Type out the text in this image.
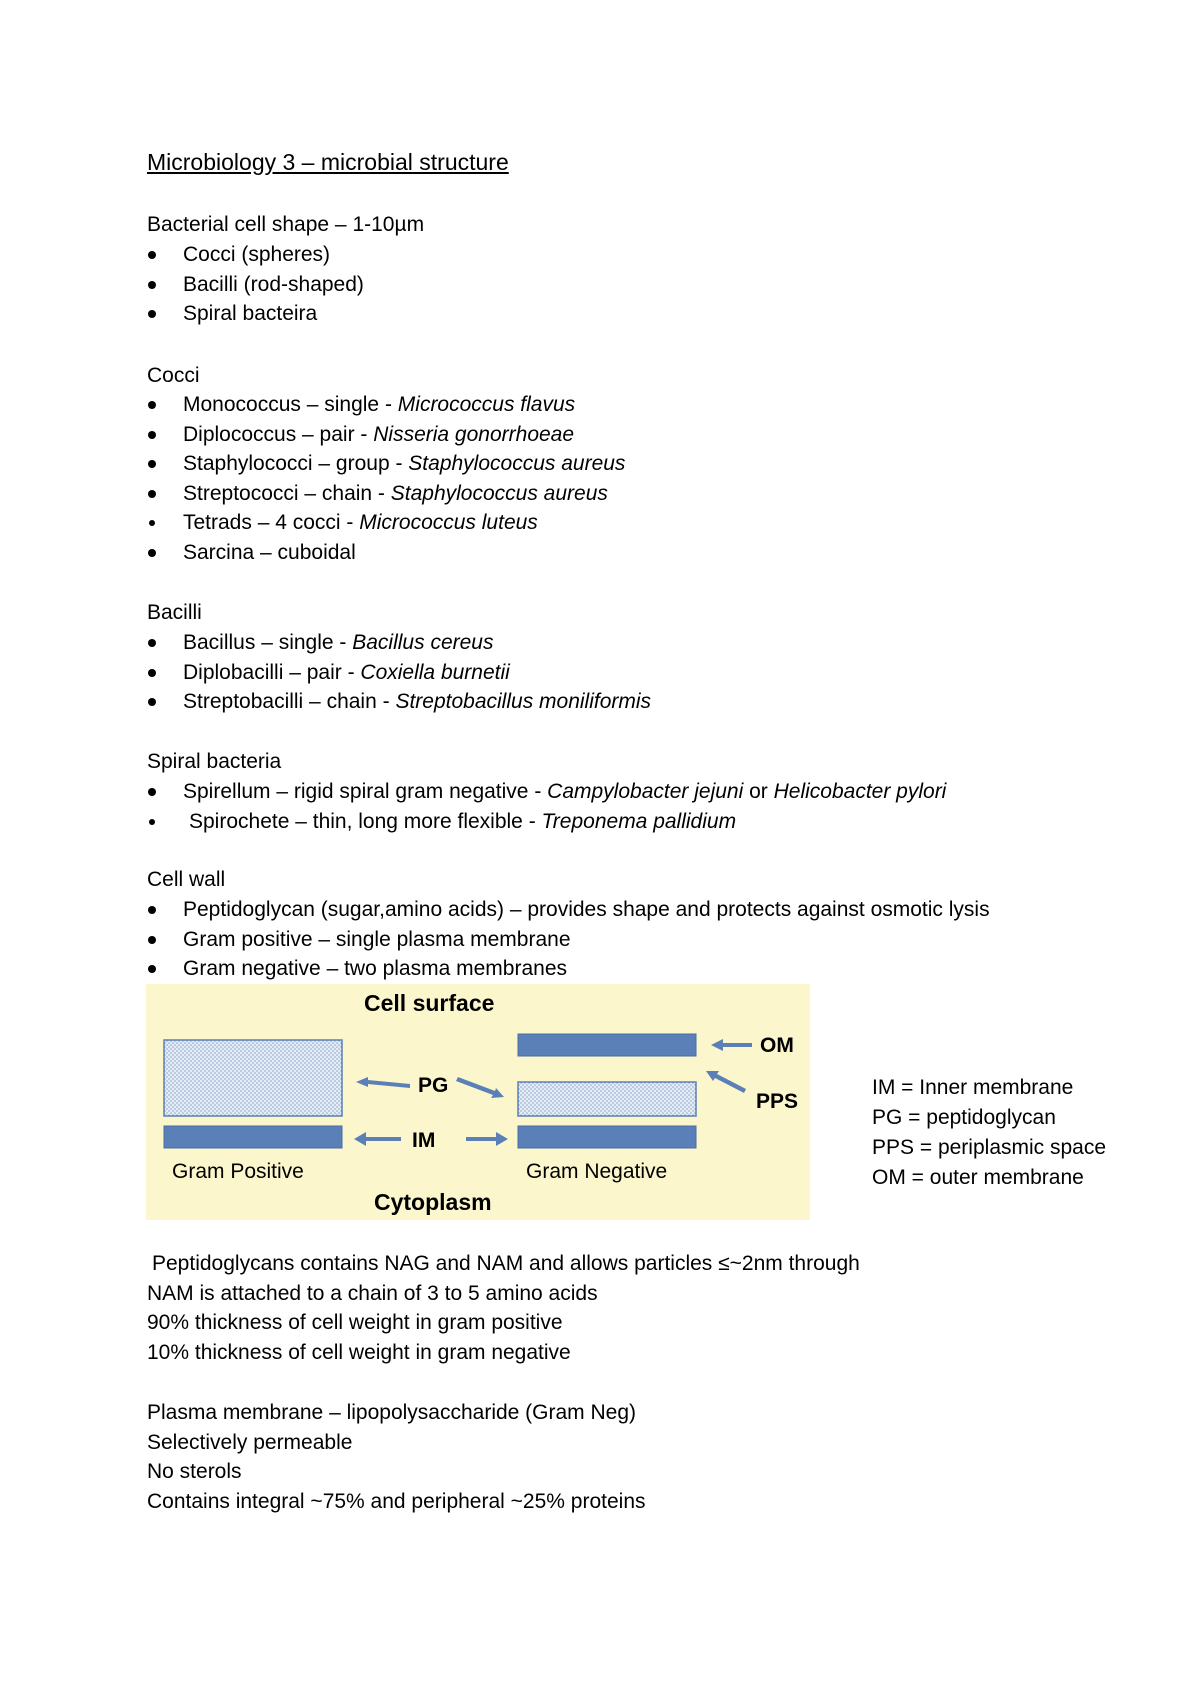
Microbiology 3 – microbial structure
Bacterial cell shape – 1-10µm
Cocci (spheres)
Bacilli (rod-shaped)
Spiral bacteira
Cocci
Monococcus – single - Micrococcus flavus
Diplococcus – pair - Nisseria gonorrhoeae
Staphylococci – group - Staphylococcus aureus
Streptococci – chain - Staphylococcus aureus
Tetrads – 4 cocci - Micrococcus luteus
Sarcina – cuboidal
Bacilli
Bacillus – single - Bacillus cereus
Diplobacilli – pair - Coxiella burnetii
Streptobacilli – chain - Streptobacillus moniliformis
Spiral bacteria
Spirellum – rigid spiral gram negative - Campylobacter jejuni or Helicobacter pylori
Spirochete – thin, long more flexible - Treponema pallidium
Cell wall
Peptidoglycan (sugar,amino acids) – provides shape and protects against osmotic lysis
Gram positive – single plasma membrane
Gram negative – two plasma membranes
Cell surface
Cytoplasm
PG
IM
OM
PPS
Gram Positive	Gram Negative
IM = Inner membrane
PG = peptidoglycan
PPS = periplasmic space
OM = outer membrane
Peptidoglycans contains NAG and NAM and allows particles ≤~2nm through
NAM is attached to a chain of 3 to 5 amino acids
90% thickness of cell weight in gram positive
10% thickness of cell weight in gram negative
Plasma membrane – lipopolysaccharide (Gram Neg)
Selectively permeable
No sterols
Contains integral ~75% and peripheral ~25% proteins
